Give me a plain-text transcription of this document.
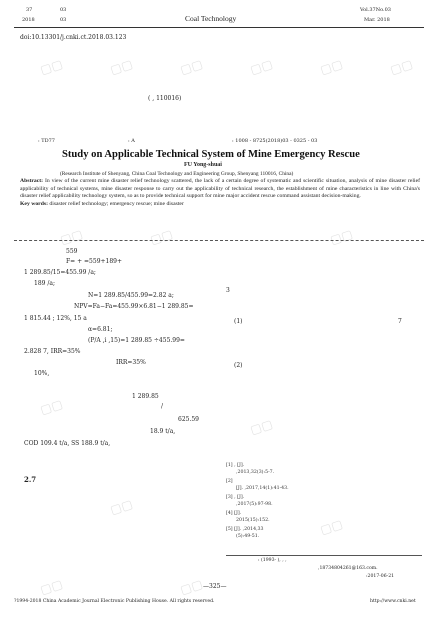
37	03
2018	03	Coal Technology
Vol.37No.03
Mar. 2018
doi:10.13301/j.cnki.ct.2018.03.123
▢▢	▢▢	▢▢	▢▢	▢▢	▢▢
▢▢	▢▢	▢▢
▢▢
▢▢
▢▢
▢▢
▢▢	▢▢
( , 110016)
: TD77	: A	: 1008 - 8725(2018)03 - 0325 - 03
Study on Applicable Technical System of Mine Emergency Rescue
FU Yong-shuai
(Research Institute of Shenyang, China Coal Technology and Engineering Group, Shenyang 110016, China)
Abstract: In view of the current mine disaster relief technology scattered, the lack of a certain degree of systematic and scientific situation, analysis of mine disaster relief applicability of technical systems, mine disaster response to carry out the applicability of technical research, the establishment of mine characteristics in line with China's disaster relief applicability technology system, so as to provide technical support for mine major accident rescue command assistant decision-making.
Key words: disaster relief technology; emergency rescue; mine disaster
559
F= + =559+189+
1 289.85/15=455.99 /a;
189 /a;
N=1 289.85/455.99=2.82 a;
NPV=Fa−Fa=455.99×6.81−1 289.85=
1 815.44 ; 12%, 15 a
α=6.81;
(P/A ,i ,15)=1 289.85 ÷455.99=
2.828 7, IRR=35%
IRR=35%
10%,
1 289.85
/
625.59
18.9 t/a,
COD 109.4 t/a, SS 188.9 t/a,
2.7
3
(1)	7
(2)
[1] , [J].
,2013,32(3):5-7.
[2]
[J]. ,2017,14(1):41-43.
[3] , [J].
,2017(5):97-98.
[4] [J].
2015(15):152.
[5] [J]. ,2014,33
(5):49-51.
: (1993- ), , ,
,18734804261@163.com.
:2017-06-21
—325—
?1994-2018 China Academic Journal Electronic Publishing House. All rights reserved.	http://www.cnki.net
